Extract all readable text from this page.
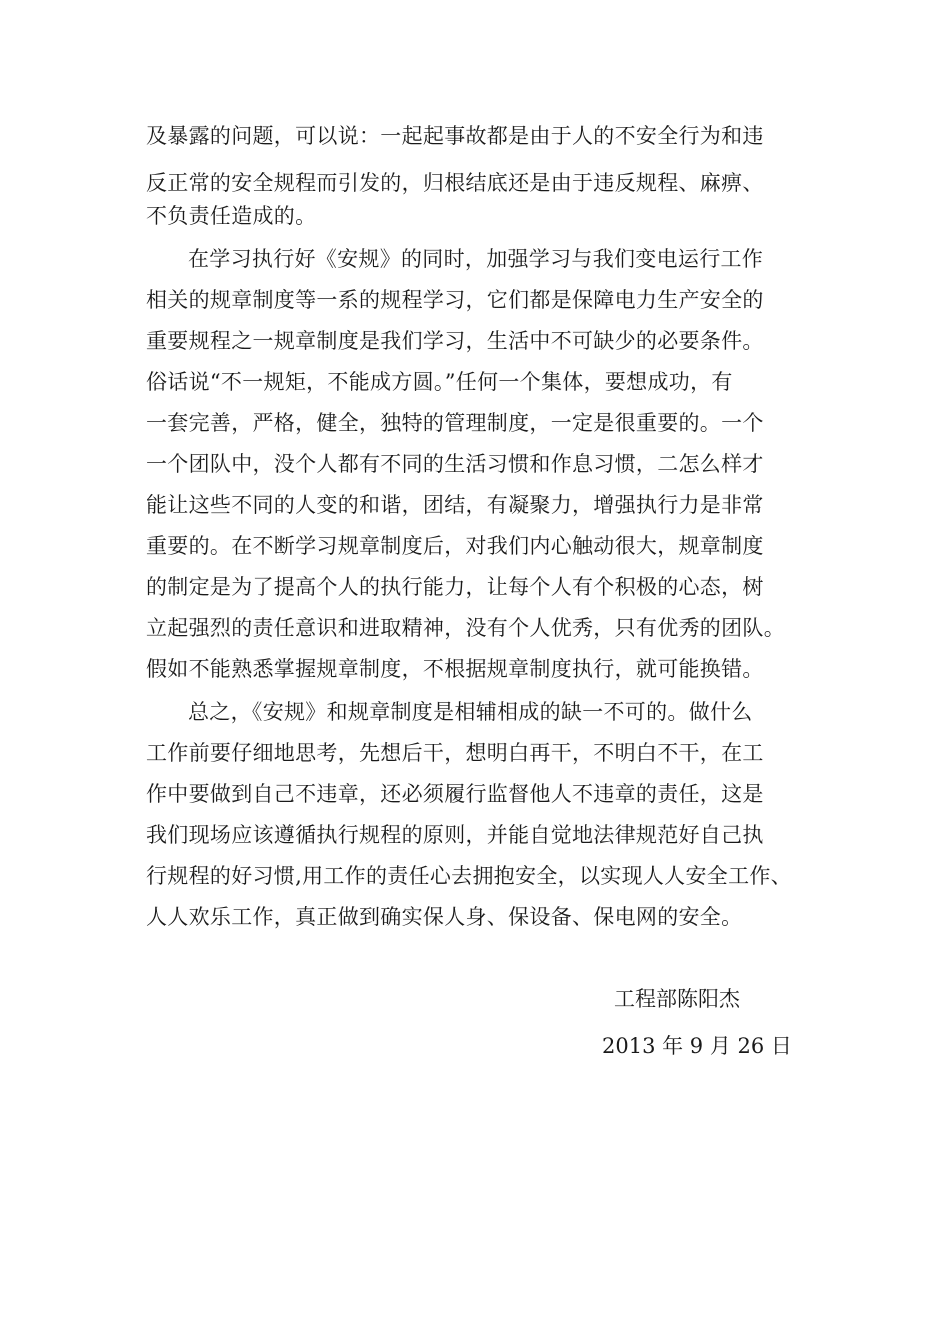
及暴露的问题，可以说：一起起事故都是由于人的不安全行为和违
反正常的安全规程而引发的，归根结底还是由于违反规程、麻痹、
不负责任造成的。
在学习执行好《安规》的同时，加强学习与我们变电运行工作
相关的规章制度等一系的规程学习，它们都是保障电力生产安全的
重要规程之一规章制度是我们学习，生活中不可缺少的必要条件。
俗话说“不一规矩，不能成方圆。”任何一个集体，要想成功，有
一套完善，严格，健全，独特的管理制度，一定是很重要的。一个
一个团队中，没个人都有不同的生活习惯和作息习惯，二怎么样才
能让这些不同的人变的和谐，团结，有凝聚力，增强执行力是非常
重要的。在不断学习规章制度后，对我们内心触动很大，规章制度
的制定是为了提高个人的执行能力，让每个人有个积极的心态，树
立起强烈的责任意识和进取精神，没有个人优秀，只有优秀的团队。
假如不能熟悉掌握规章制度，不根据规章制度执行，就可能换错。
总之，《安规》和规章制度是相辅相成的缺一不可的。做什么
工作前要仔细地思考，先想后干，想明白再干，不明白不干，在工
作中要做到自己不违章，还必须履行监督他人不违章的责任，这是
我们现场应该遵循执行规程的原则，并能自觉地法律规范好自己执
行规程的好习惯,用工作的责任心去拥抱安全，以实现人人安全工作、
人人欢乐工作，真正做到确实保人身、保设备、保电网的安全。
工程部陈阳杰
2013 年 9 月 26 日
